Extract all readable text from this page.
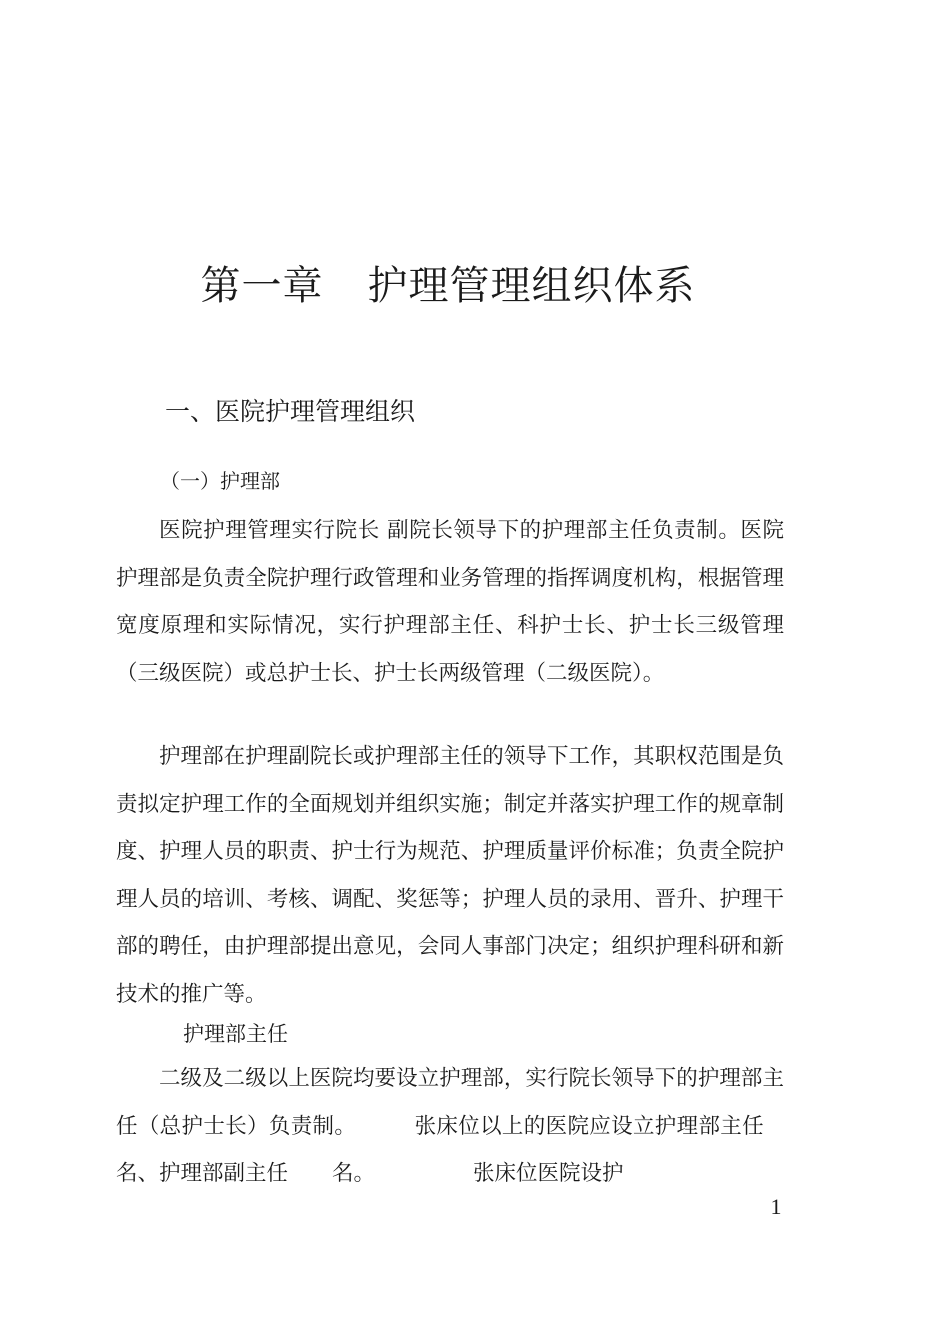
第一章 护理管理组织体系
一、医院护理管理组织
（一）护理部
医院护理管理实行院长 副院长领导下的护理部主任负责制。医院护理部是负责全院护理行政管理和业务管理的指挥调度机构，根据管理宽度原理和实际情况，实行护理部主任、科护士长、护士长三级管理（三级医院）或总护士长、护士长两级管理（二级医院）。
护理部在护理副院长或护理部主任的领导下工作，其职权范围是负责拟定护理工作的全面规划并组织实施；制定并落实护理工作的规章制度、护理人员的职责、护士行为规范、护理质量评价标准；负责全院护理人员的培训、考核、调配、奖惩等；护理人员的录用、晋升、护理干部的聘任，由护理部提出意见，会同人事部门决定；组织护理科研和新技术的推广等。
护理部主任
二级及二级以上医院均要设立护理部，实行院长领导下的护理部主任（总护士长）负责制。	张床位以上的医院应设立护理部主任名、护理部副主任 名。	张床位医院设护
1
